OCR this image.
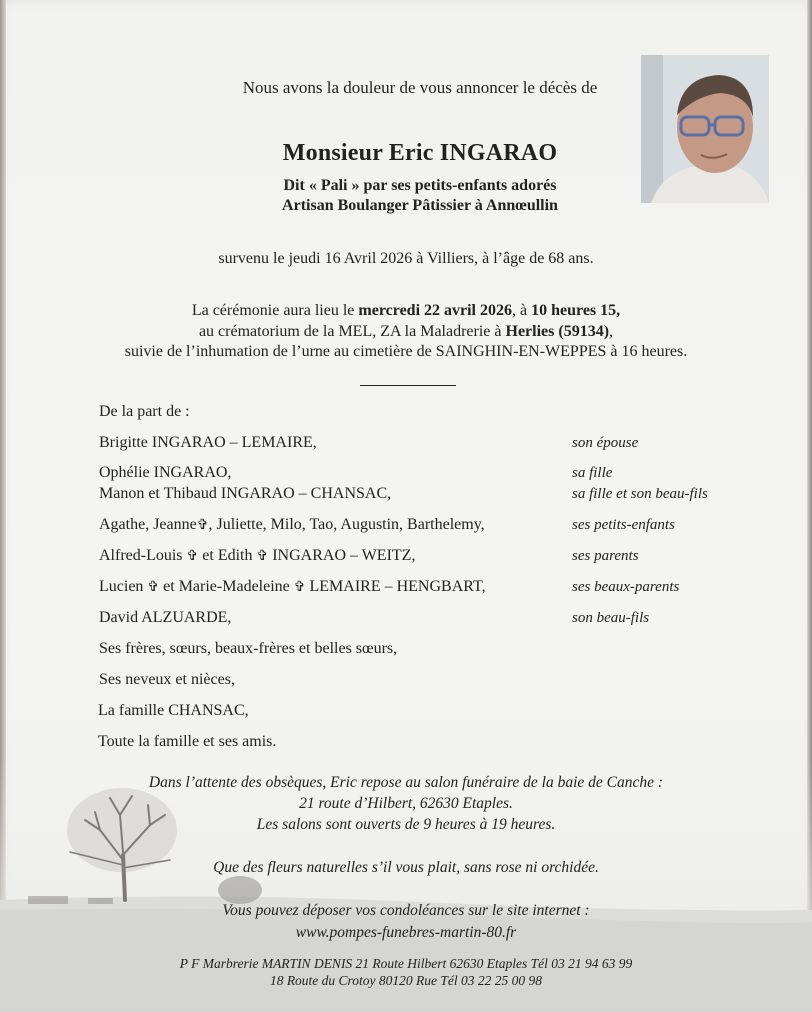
Nous avons la douleur de vous annoncer le décès de
Monsieur Eric INGARAO
Dit « Pali » par ses petits-enfants adorés
Artisan Boulanger Pâtissier à Annœullin
survenu le jeudi 16 Avril 2026 à Villiers, à l’âge de 68 ans.
La cérémonie aura lieu le mercredi 22 avril 2026, à 10 heures 15,
au crématorium de la MEL, ZA la Maladrerie à Herlies (59134),
suivie de l’inhumation de l’urne au cimetière de SAINGHIN-EN-WEPPES à 16 heures.
De la part de :
Brigitte INGARAO – LEMAIRE,	son épouse
Ophélie INGARAO,	sa fille
Manon et Thibaud INGARAO – CHANSAC,	sa fille et son beau-fils
Agathe, Jeanne✞, Juliette, Milo, Tao, Augustin, Barthelemy,	ses petits-enfants
Alfred-Louis ✞ et Edith ✞ INGARAO – WEITZ,	ses parents
Lucien ✞ et Marie-Madeleine ✞ LEMAIRE – HENGBART,	ses beaux-parents
David ALZUARDE,	son beau-fils
Ses frères, sœurs, beaux-frères et belles sœurs,
Ses neveux et nièces,
La famille CHANSAC,
Toute la famille et ses amis.
Dans l’attente des obsèques, Eric repose au salon funéraire de la baie de Canche :
21 route d’Hilbert, 62630 Etaples.
Les salons sont ouverts de 9 heures à 19 heures.
Que des fleurs naturelles s’il vous plait, sans rose ni orchidée.
Vous pouvez déposer vos condoléances sur le site internet :
www.pompes-funebres-martin-80.fr
P F Marbrerie MARTIN DENIS 21 Route Hilbert 62630 Etaples Tél 03 21 94 63 99
18 Route du Crotoy 80120 Rue Tél 03 22 25 00 98
